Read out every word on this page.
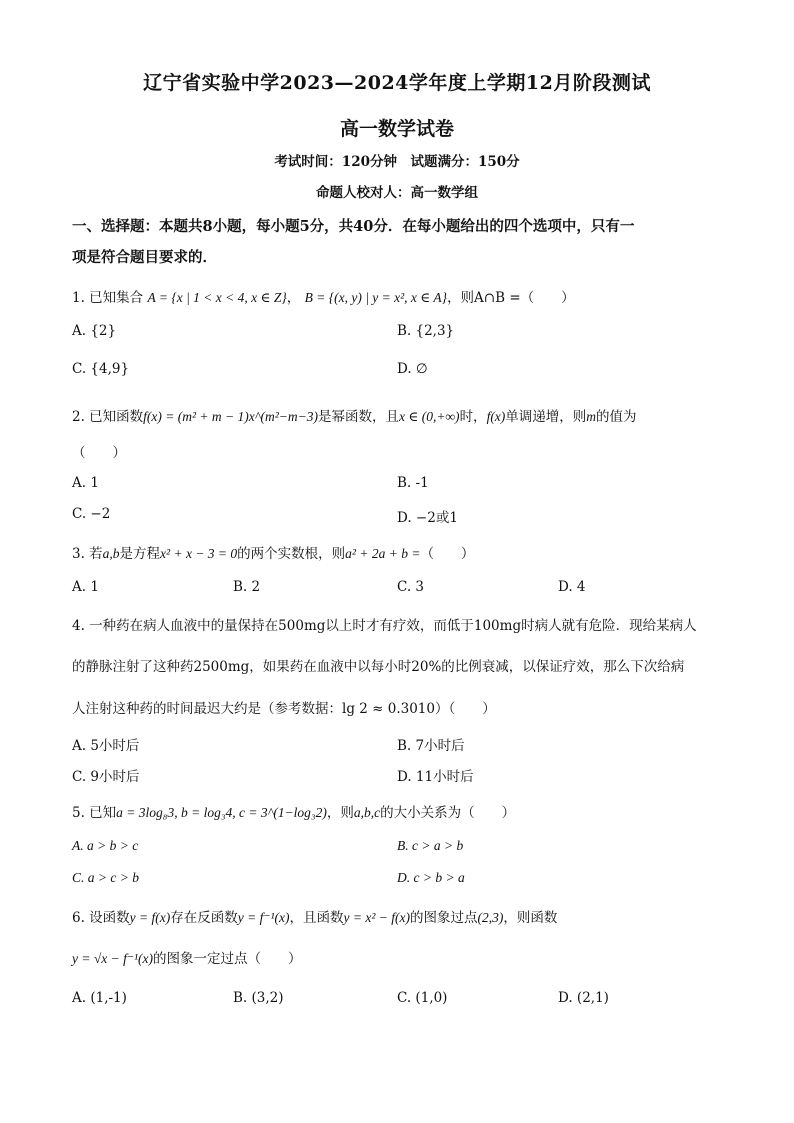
辽宁省实验中学2023—2024学年度上学期12月阶段测试
高一数学试卷
考试时间：120分钟　试题满分：150分
命题人校对人：高一数学组
一、选择题：本题共8小题，每小题5分，共40分．在每小题给出的四个选项中，只有一
项是符合题目要求的．
1. 已知集合 A = {x | 1 < x < 4, x ∈ Z}， B = {(x, y) | y = x², x ∈ A}，则A∩B =（　　）
A. {2}	B. {2,3}
C. {4,9}	D. ∅
2. 已知函数f(x) = (m² + m − 1)x^(m²−m−3)是幂函数，且x ∈ (0,+∞)时，f(x)单调递增，则m的值为
（　　）
A. 1	B. -1
C. −2	D. −2或1
3. 若a,b是方程x² + x − 3 = 0的两个实数根，则a² + 2a + b =（　　）
A. 1	B. 2	C. 3	D. 4
4. 一种药在病人血液中的量保持在500mg以上时才有疗效，而低于100mg时病人就有危险．现给某病人
的静脉注射了这种药2500mg，如果药在血液中以每小时20%的比例衰减，以保证疗效，那么下次给病
人注射这种药的时间最迟大约是（参考数据：lg 2 ≈ 0.3010）（　　）
A. 5小时后	B. 7小时后
C. 9小时后	D. 11小时后
5. 已知a = 3log₈3, b = log₃4, c = 3^(1−log₃2)，则a,b,c的大小关系为（　　）
A. a > b > c	B. c > a > b
C. a > c > b	D. c > b > a
6. 设函数y = f(x)存在反函数y = f⁻¹(x)，且函数y = x² − f(x)的图象过点(2,3)，则函数
y = √x − f⁻¹(x)的图象一定过点（　　）
A. (1,-1)	B. (3,2)	C. (1,0)	D. (2,1)
